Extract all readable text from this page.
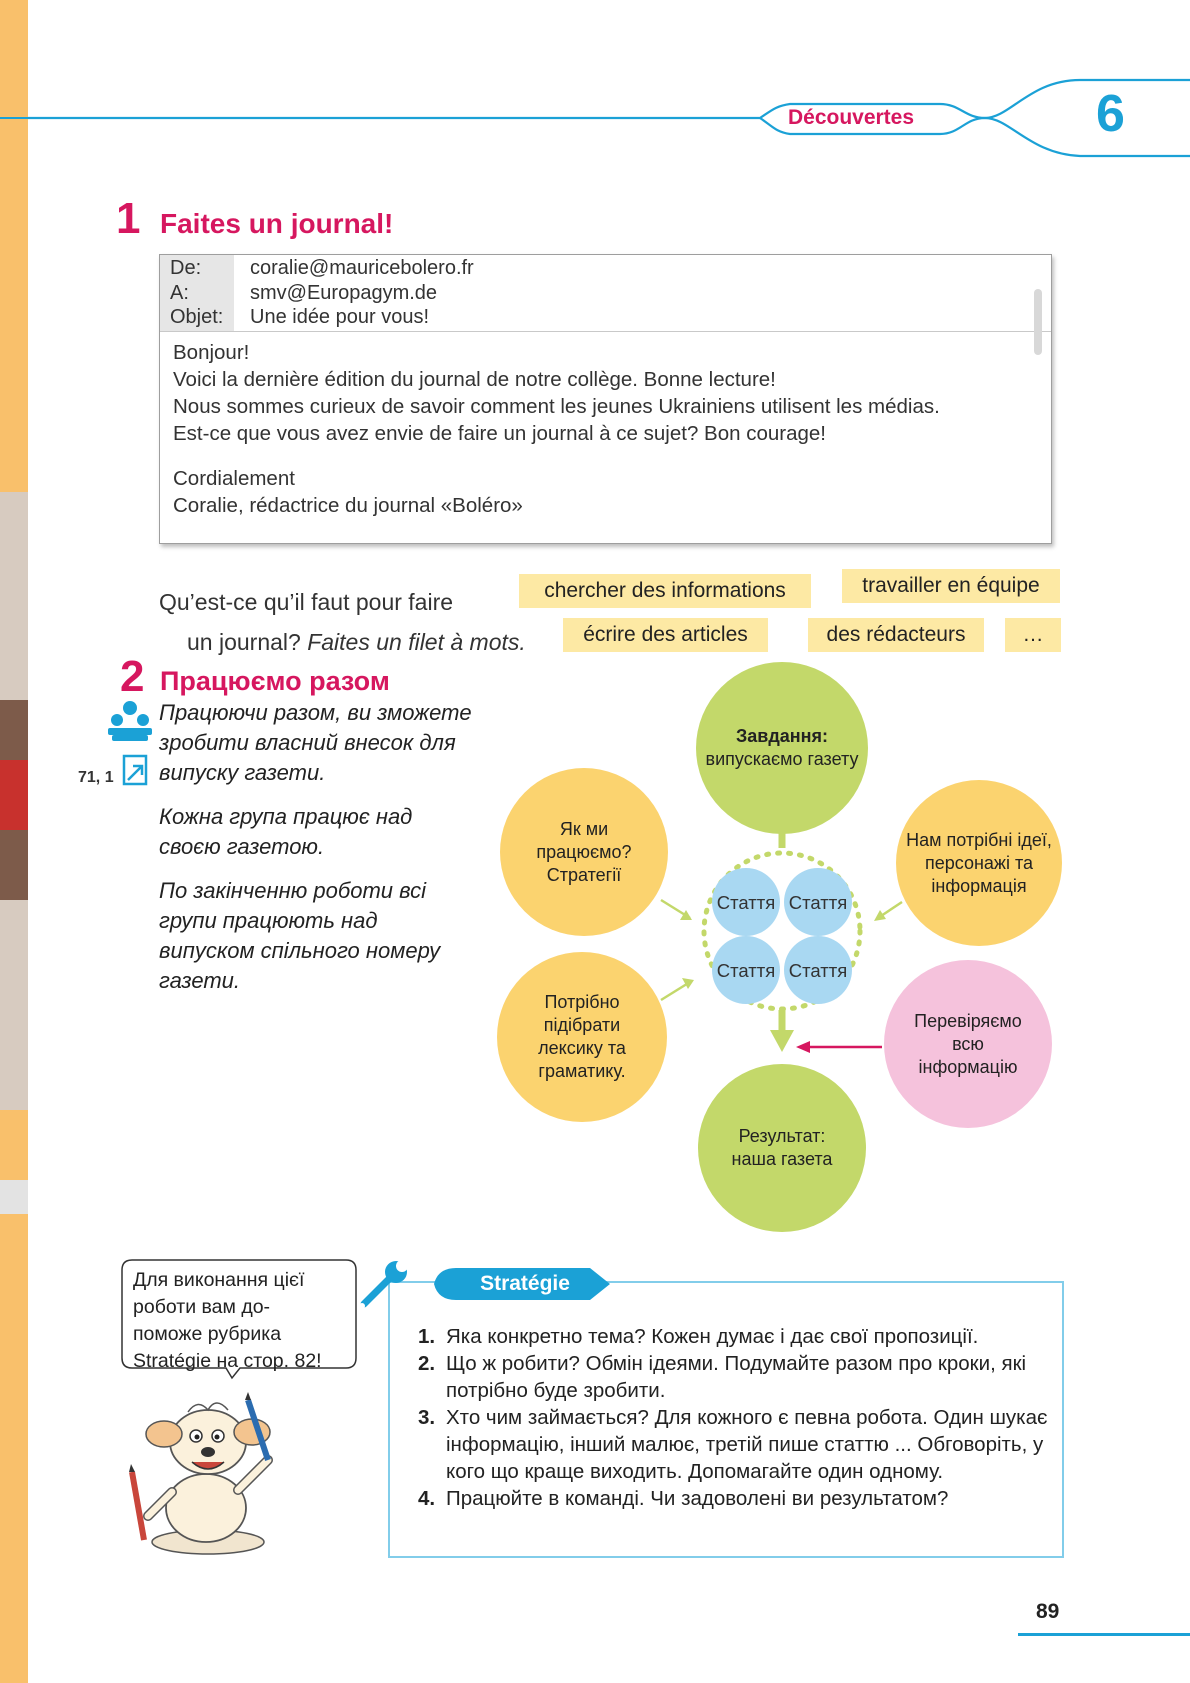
Découvertes	6
1 Faites un journal!
De:	coralie@mauricebolero.fr
A:	smv@Europagym.de
Objet:	Une idée pour vous!
Bonjour!
Voici la dernière édition du journal de notre collège. Bonne lecture!
Nous sommes curieux de savoir comment les jeunes Ukrainiens utilisent les médias.
Est-ce que vous avez envie de faire un journal à ce sujet? Bon courage!
Cordialement
Coralie, rédactrice du journal «Boléro»
Qu’est-ce qu’il faut pour faire
un journal? Faites un filet à mots.
chercher des informations	travailler en équipe
écrire des articles	des rédacteurs	…
2 Працюємо разом
71, 1
Працюючи разом, ви зможете зробити власний внесок для випуску газети.
Кожна група працює над своєю газетою.
По закінченню роботи всі групи працюють над випуском спільного номеру газети.
Завдання:
випускаємо газету
Як ми працюємо? Стратегії
Нам потрібні ідеї, персонажі та інформація
Потрібно підібрати лексику та граматику.
Перевіряємо всю інформацію
Результат: наша газета
Стаття Стаття
Стаття Стаття
Для виконання цієї роботи вам до-поможе рубрика Stratégie на стор. 82!
1. Яка конкретно тема? Кожен думає і дає свої пропозиції.
2. Що ж робити? Обмін ідеями. Подумайте разом про кроки, які потрібно буде зробити.
3. Хто чим займається? Для кожного є певна робота. Один шукає інформацію, інший малює, третій пише статтю ... Обговоріть, у кого що краще виходить. Допомагайте один одному.
4. Працюйте в команді. Чи задоволені ви результатом?
Stratégie
89
